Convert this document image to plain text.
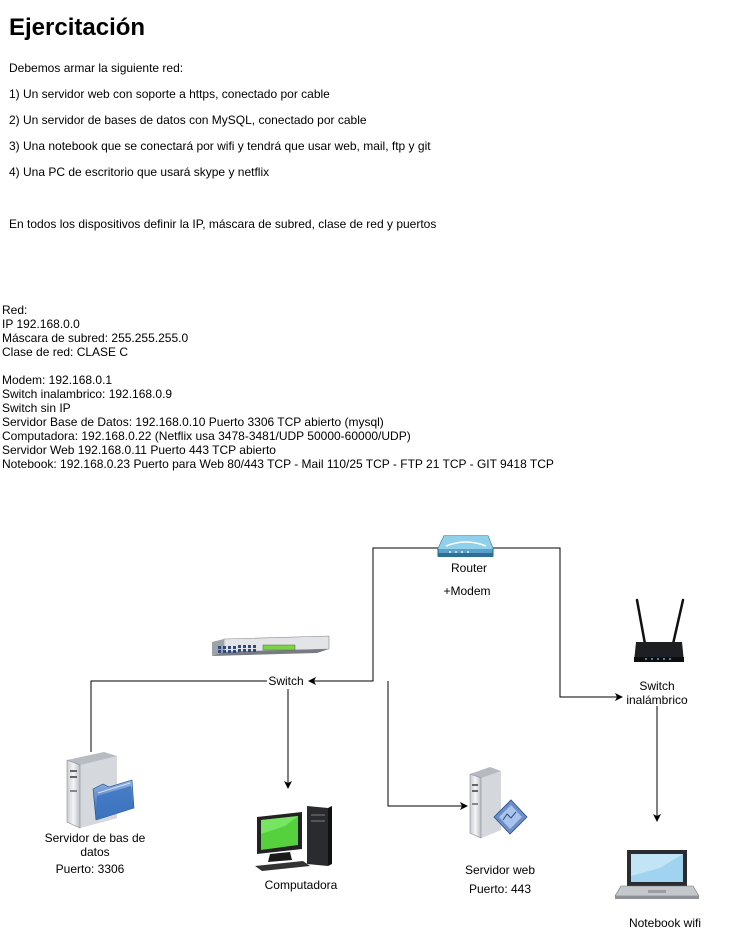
Ejercitación
Debemos armar la siguiente red:
1) Un servidor web con soporte a https, conectado por cable
2) Un servidor de bases de datos con MySQL, conectado por cable
3) Una notebook que se conectará por wifi y tendrá que usar web, mail, ftp y git
4) Una PC de escritorio que usará skype y netflix
En todos los dispositivos definir la IP, máscara de subred, clase de red y puertos
Red:
IP 192.168.0.0
Máscara de subred: 255.255.255.0
Clase de red: CLASE C
Modem: 192.168.0.1
Switch inalambrico: 192.168.0.9
Switch sin IP
Servidor Base de Datos: 192.168.0.10 Puerto 3306 TCP abierto (mysql)
Computadora: 192.168.0.22 (Netflix usa 3478-3481/UDP 50000-60000/UDP)
Servidor Web 192.168.0.11 Puerto 443 TCP abierto
Notebook: 192.168.0.23 Puerto para Web 80/443 TCP - Mail 110/25 TCP - FTP 21 TCP - GIT 9418 TCP
Router
+Modem
Switch	Switch
inalámbrico
Servidor de bas de
datos
Puerto: 3306
Computadora
Servidor web
Puerto: 443
Notebook wifi
